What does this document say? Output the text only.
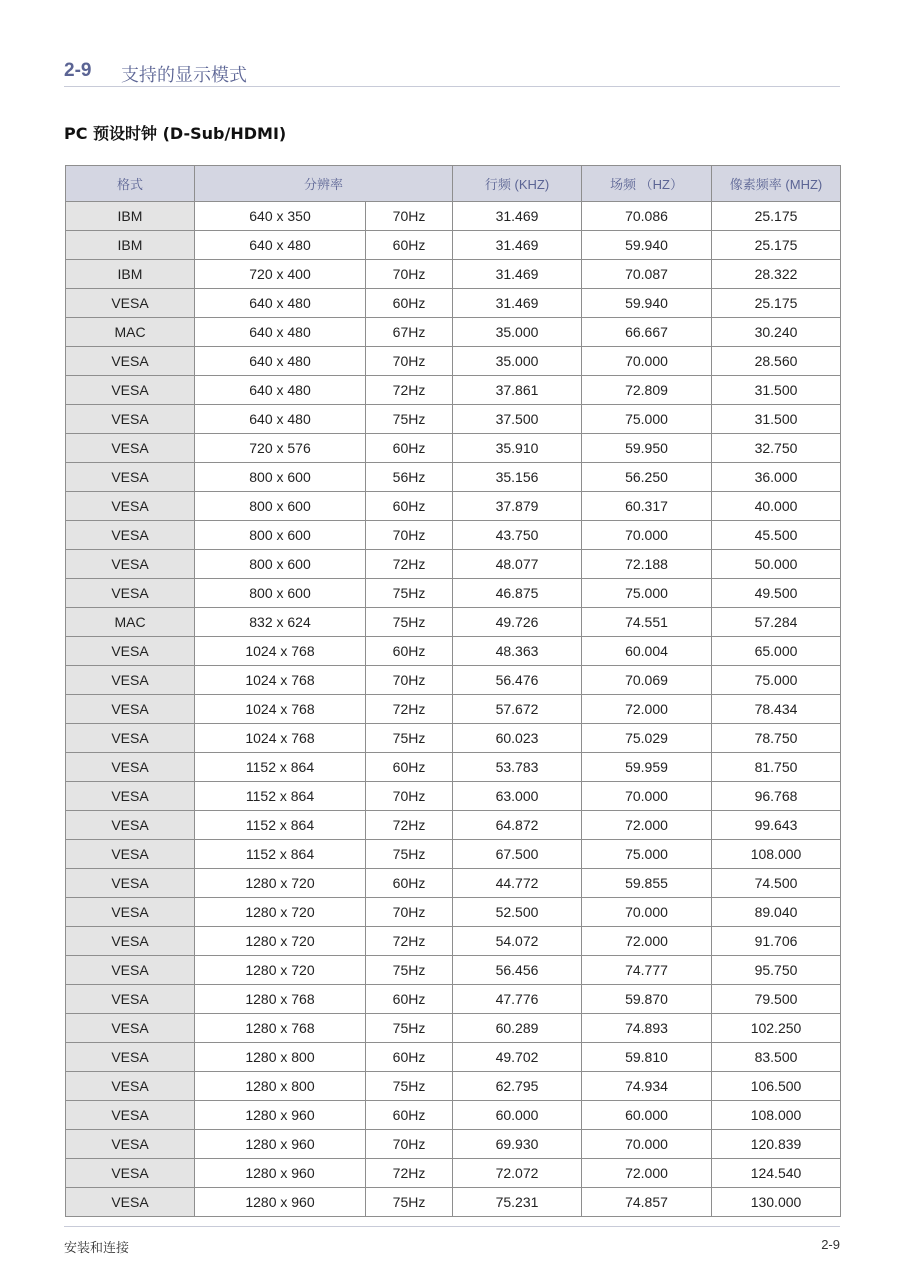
2-9 支持的显示模式
PC 预设时钟 (D-Sub/HDMI)
格式	分辨率		行频 (KHZ)	场频 （HZ）	像素频率 (MHZ)
IBM	640 x 350	70Hz	31.469	70.086	25.175
IBM	640 x 480	60Hz	31.469	59.940	25.175
IBM	720 x 400	70Hz	31.469	70.087	28.322
VESA	640 x 480	60Hz	31.469	59.940	25.175
MAC	640 x 480	67Hz	35.000	66.667	30.240
VESA	640 x 480	70Hz	35.000	70.000	28.560
VESA	640 x 480	72Hz	37.861	72.809	31.500
VESA	640 x 480	75Hz	37.500	75.000	31.500
VESA	720 x 576	60Hz	35.910	59.950	32.750
VESA	800 x 600	56Hz	35.156	56.250	36.000
VESA	800 x 600	60Hz	37.879	60.317	40.000
VESA	800 x 600	70Hz	43.750	70.000	45.500
VESA	800 x 600	72Hz	48.077	72.188	50.000
VESA	800 x 600	75Hz	46.875	75.000	49.500
MAC	832 x 624	75Hz	49.726	74.551	57.284
VESA	1024 x 768	60Hz	48.363	60.004	65.000
VESA	1024 x 768	70Hz	56.476	70.069	75.000
VESA	1024 x 768	72Hz	57.672	72.000	78.434
VESA	1024 x 768	75Hz	60.023	75.029	78.750
VESA	1152 x 864	60Hz	53.783	59.959	81.750
VESA	1152 x 864	70Hz	63.000	70.000	96.768
VESA	1152 x 864	72Hz	64.872	72.000	99.643
VESA	1152 x 864	75Hz	67.500	75.000	108.000
VESA	1280 x 720	60Hz	44.772	59.855	74.500
VESA	1280 x 720	70Hz	52.500	70.000	89.040
VESA	1280 x 720	72Hz	54.072	72.000	91.706
VESA	1280 x 720	75Hz	56.456	74.777	95.750
VESA	1280 x 768	60Hz	47.776	59.870	79.500
VESA	1280 x 768	75Hz	60.289	74.893	102.250
VESA	1280 x 800	60Hz	49.702	59.810	83.500
VESA	1280 x 800	75Hz	62.795	74.934	106.500
VESA	1280 x 960	60Hz	60.000	60.000	108.000
VESA	1280 x 960	70Hz	69.930	70.000	120.839
VESA	1280 x 960	72Hz	72.072	72.000	124.540
VESA	1280 x 960	75Hz	75.231	74.857	130.000
安装和连接	2-9
